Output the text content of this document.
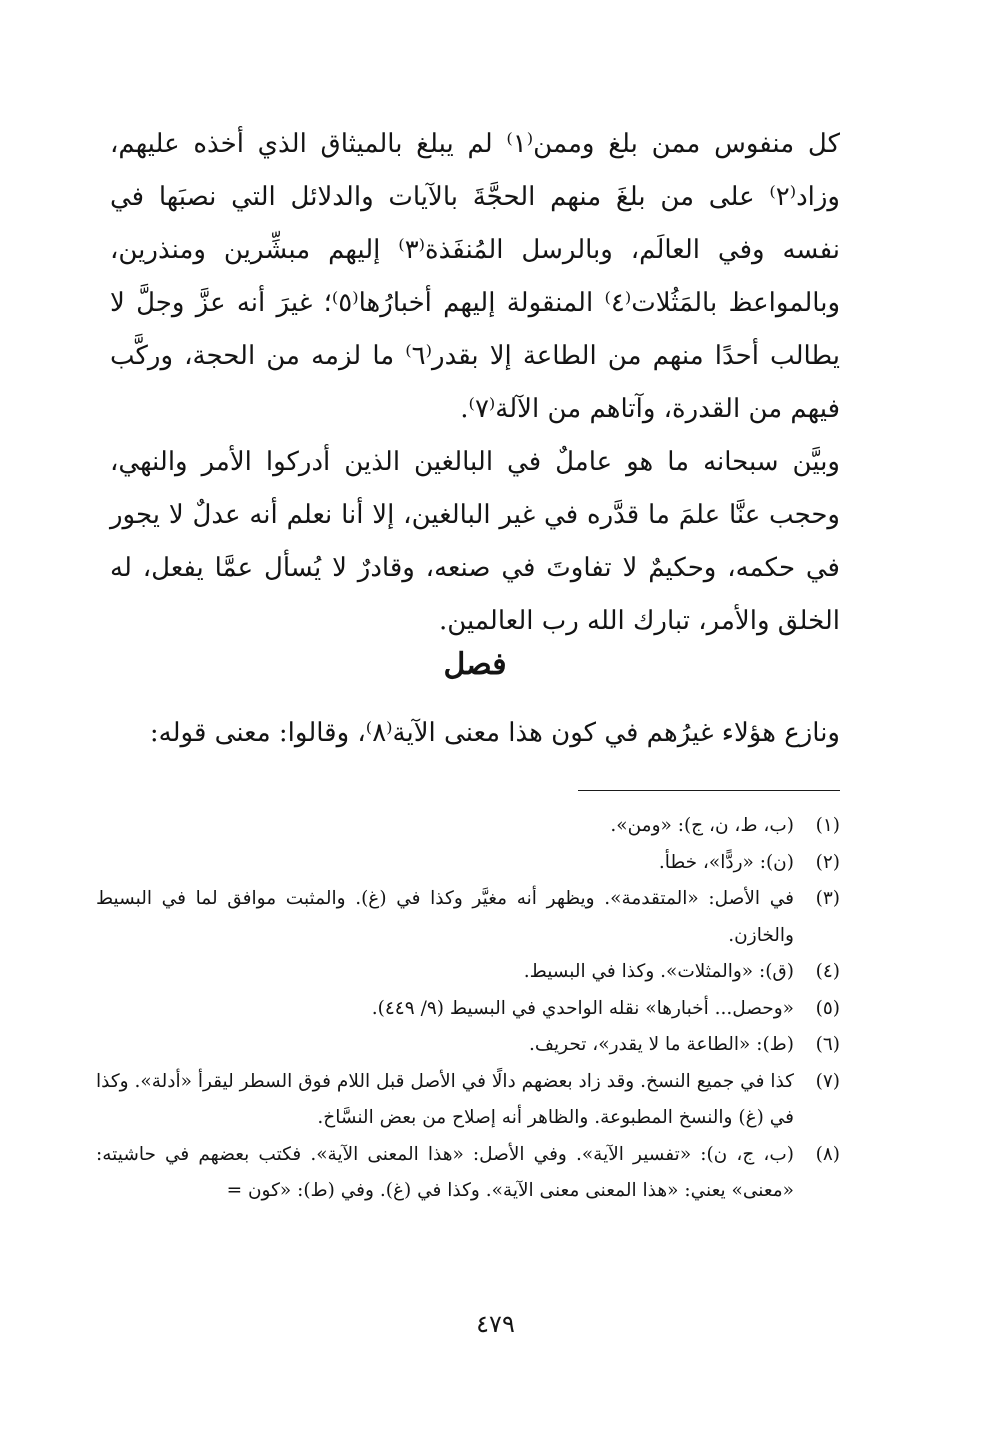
كل منفوس ممن بلغ وممن⁽١⁾ لم يبلغ بالميثاق الذي أخذه عليهم، وزاد⁽٢⁾ على من بلغَ منهم الحجَّةَ بالآيات والدلائل التي نصبَها في نفسه وفي العالَم، وبالرسل المُنفَذة⁽٣⁾ إليهم مبشِّرين ومنذرين، وبالمواعظ بالمَثُلات⁽٤⁾ المنقولة إليهم أخبارُها⁽٥⁾؛ غيرَ أنه عزَّ وجلَّ لا يطالب أحدًا منهم من الطاعة إلا بقدر⁽٦⁾ ما لزمه من الحجة، وركَّب فيهم من القدرة، وآتاهم من الآلة⁽٧⁾.

وبيَّن سبحانه ما هو عاملٌ في البالغين الذين أدركوا الأمر والنهي، وحجب عنَّا علمَ ما قدَّره في غير البالغين، إلا أنا نعلم أنه عدلٌ لا يجور في حكمه، وحكيمٌ لا تفاوتَ في صنعه، وقادرٌ لا يُسأل عمَّا يفعل، له الخلق والأمر، تبارك الله رب العالمين.

فصل
ونازع هؤلاء غيرُهم في كون هذا معنى الآية⁽٨⁾، وقالوا: معنى قوله:
(١)
(ب، ط، ن، ج): «ومن».
(٢)
(ن): «ردًّا»، خطأ.
(٣)
في الأصل: «المتقدمة». ويظهر أنه مغيَّر وكذا في (غ). والمثبت موافق لما في البسيط والخازن.
(٤)
(ق): «والمثلات». وكذا في البسيط.
(٥)
«وحصل... أخبارها» نقله الواحدي في البسيط (٩/ ٤٤٩).
(٦)
(ط): «الطاعة ما لا يقدر»، تحريف.
(٧)
كذا في جميع النسخ. وقد زاد بعضهم دالًا في الأصل قبل اللام فوق السطر ليقرأ «أدلة». وكذا في (غ) والنسخ المطبوعة. والظاهر أنه إصلاح من بعض النسَّاخ.
(٨)
(ب، ج، ن): «تفسير الآية». وفي الأصل: «هذا المعنى الآية». فكتب بعضهم في حاشيته: «معنى» يعني: «هذا المعنى معنى الآية». وكذا في (غ). وفي (ط): «كون =
٤٧٩
